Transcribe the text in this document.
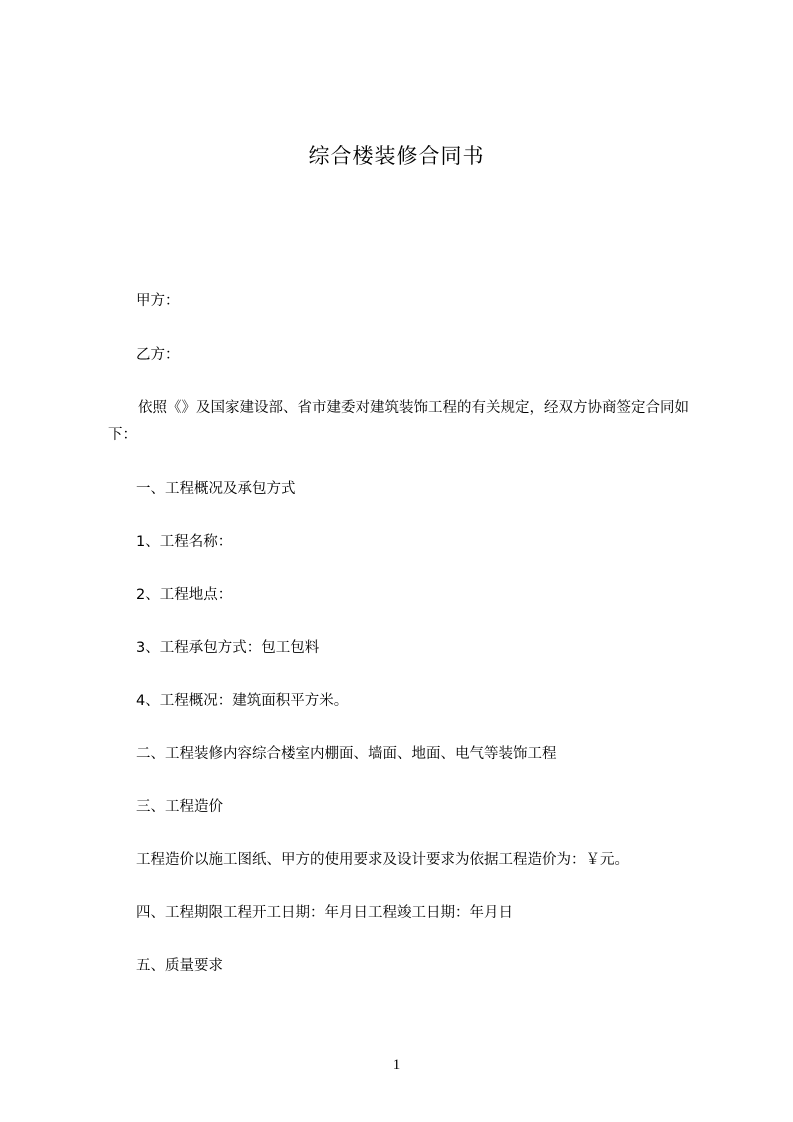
综合楼装修合同书
甲方：
乙方：
依照《》及国家建设部、省市建委对建筑装饰工程的有关规定，经双方协商签定合同如下：
一、工程概况及承包方式
1、工程名称：
2、工程地点：
3、工程承包方式：包工包料
4、工程概况：建筑面积平方米。
二、工程装修内容综合楼室内棚面、墙面、地面、电气等装饰工程
三、工程造价
工程造价以施工图纸、甲方的使用要求及设计要求为依据工程造价为：￥元。
四、工程期限工程开工日期：年月日工程竣工日期：年月日
五、质量要求
1
